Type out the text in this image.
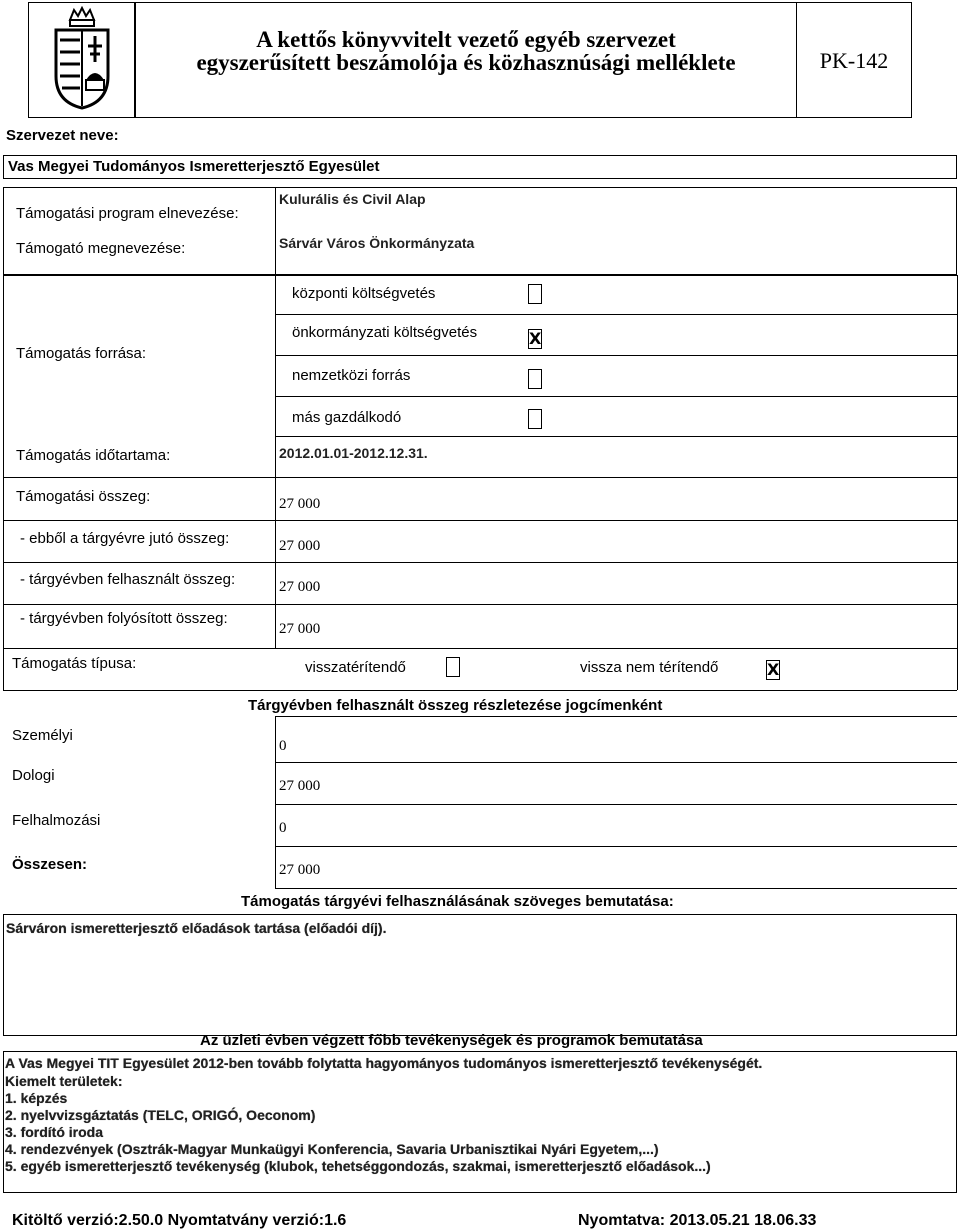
A kettős könyvvitelt vezető egyéb szervezet
egyszerűsített beszámolója és közhasznúsági melléklete	PK-142
Szervezet neve:
Vas Megyei Tudományos Ismeretterjesztő Egyesület
Támogatási program elnevezése:
Kulurális és Civil Alap
Támogató megnevezése:	Sárvár Város Önkormányzata
Támogatás forrása:
központi költségvetés
önkormányzati költségvetés	X
nemzetközi forrás
más gazdálkodó
Támogatás időtartama:	2012.01.01-2012.12.31.
Támogatási összeg:	27 000
- ebből a tárgyévre jutó összeg:	27 000
- tárgyévben felhasznált összeg:	27 000
- tárgyévben folyósított összeg:
27 000
Támogatás típusa:	visszatérítendő	vissza nem térítendő	X
Tárgyévben felhasznált összeg részletezése jogcímenként
Személyi
0
Dologi
27 000
Felhalmozási	0
Összesen:	27 000
Támogatás tárgyévi felhasználásának szöveges bemutatása:
Sárváron ismeretterjesztő előadások tartása (előadói díj).
Az üzleti évben végzett főbb tevékenységek és programok bemutatása
A Vas Megyei TIT Egyesület 2012-ben tovább folytatta hagyományos tudományos ismeretterjesztő tevékenységét.
Kiemelt területek:
1. képzés
2. nyelvvizsgáztatás (TELC, ORIGÓ, Oeconom)
3. fordító iroda
4. rendezvények (Osztrák-Magyar Munkaügyi Konferencia, Savaria Urbanisztikai Nyári Egyetem,...)
5. egyéb ismeretterjesztő tevékenység (klubok, tehetséggondozás, szakmai, ismeretterjesztő előadások...)
Kitöltő verzió:2.50.0 Nyomtatvány verzió:1.6	Nyomtatva: 2013.05.21 18.06.33
